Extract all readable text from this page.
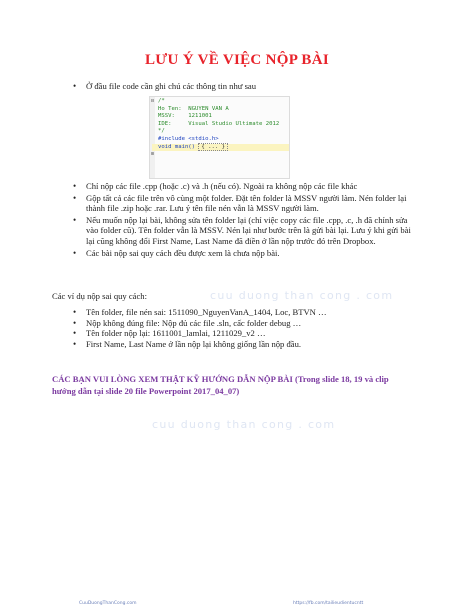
LƯU Ý VỀ VIỆC NỘP BÀI
• Ở đầu file code cần ghi chú các thông tin như sau
⊟ /*
Ho Ten:  NGUYEN VAN A
MSSV:    1211001
IDE:     Visual Studio Ultimate 2012
*/
#include <stdio.h>
⊞
void main() { ... }
• Chỉ nộp các file .cpp (hoặc .c) và .h (nếu có). Ngoài ra không nộp các file khác
• Gộp tất cả các file trên vô cùng một folder. Đặt tên folder là MSSV người làm. Nén folder lại thành file .zip hoặc .rar. Lưu ý tên file nén vẫn là MSSV người làm.
• Nếu muốn nộp lại bài, không sửa tên folder lại (chỉ việc copy các file .cpp, .c, .h đã chỉnh sửa vào folder cũ). Tên folder vẫn là MSSV. Nén lại như bước trên là gửi bài lại. Lưu ý khi gửi bài lại cũng không đổi First Name, Last Name đã điền ở lần nộp trước đó trên Dropbox.
• Các bài nộp sai quy cách đều được xem là chưa nộp bài.
cuu duong than cong . com
Các ví dụ nộp sai quy cách:
• Tên folder, file nén sai: 1511090_NguyenVanA_1404, Loc, BTVN …
• Nộp không đúng file: Nộp đủ các file .sln, cấc folder debug …
• Tên folder nộp lại: 1611001_lamlai, 1211029_v2 …
• First Name, Last Name ở lần nộp lại không giống lần nộp đầu.
CÁC BẠN VUI LÒNG XEM THẬT KỸ HƯỚNG DẪN NỘP BÀI (Trong slide 18, 19 và clip hướng dẫn tại slide 20 file Powerpoint 2017_04_07)
cuu duong than cong . com
CuuDuongThanCong.com	https://fb.com/tailieudientucntt
